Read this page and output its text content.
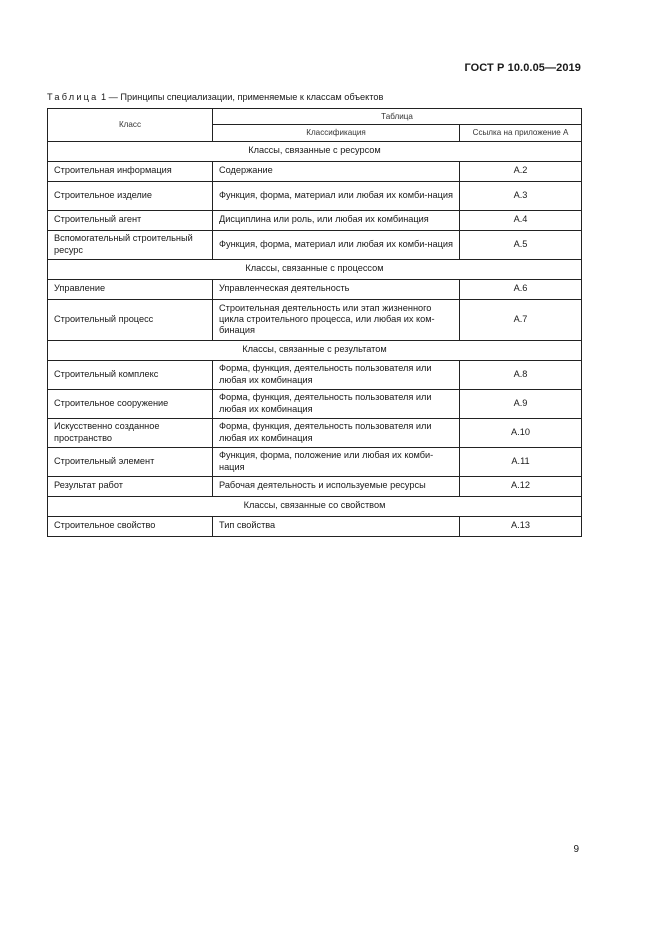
ГОСТ Р 10.0.05—2019
Таблица 1 — Принципы специализации, применяемые к классам объектов
Класс	Таблица	
	Классификация	Ссылка на приложение А
Классы, связанные с ресурсом		
Строительная информация	Содержание	А.2
Строительное изделие	Функция, форма, материал или любая их комби-нация	А.3
Строительный агент	Дисциплина или роль, или любая их комбинация	А.4
Вспомогательный строительный ресурс	Функция, форма, материал или любая их комби-нация	А.5
Классы, связанные с процессом		
Управление	Управленческая деятельность	А.6
Строительный процесс	Строительная деятельность или этап жизненного цикла строительного процесса, или любая их ком-бинация	А.7
Классы, связанные с результатом		
Строительный комплекс	Форма, функция, деятельность пользователя или любая их комбинация	А.8
Строительное сооружение	Форма, функция, деятельность пользователя или любая их комбинация	А.9
Искусственно созданное пространство	Форма, функция, деятельность пользователя или любая их комбинация	А.10
Строительный элемент	Функция, форма, положение или любая их комби-нация	А.11
Результат работ	Рабочая деятельность и используемые ресурсы	А.12
Классы, связанные со свойством		
Строительное свойство	Тип свойства	А.13
9
